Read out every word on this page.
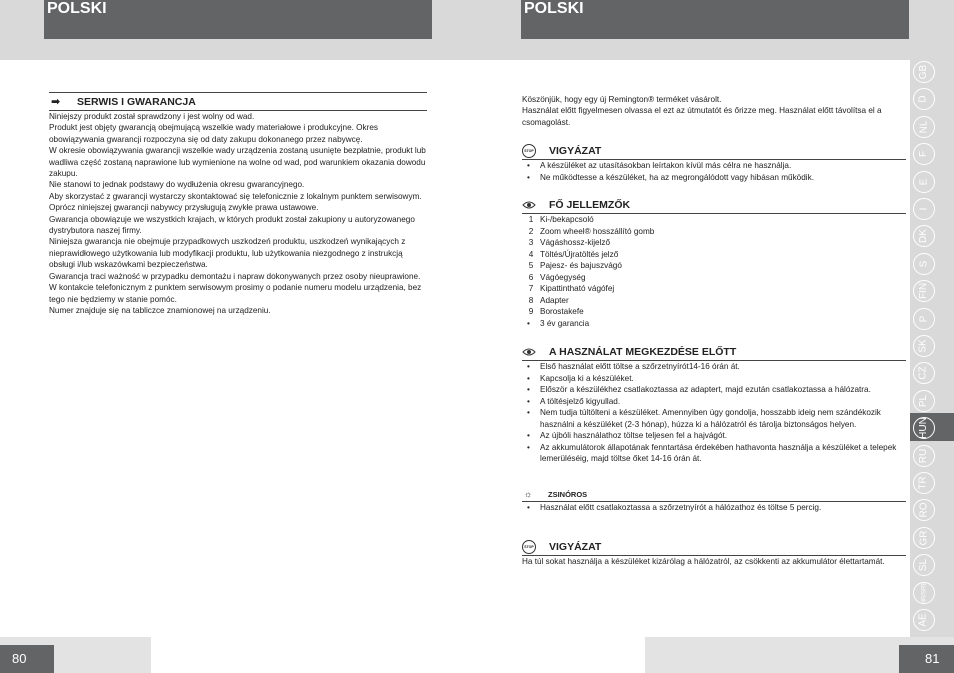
POLSKI	POLSKI
80	81
GB
D
NL
F
E
I
DK
S
FIN
P
SK
CZ
PL
HUN
RU
TR
RO
GR
SL
HR/SRB
AE
➡	SERWIS I GWARANCJA

Niniejszy produkt został sprawdzony i jest wolny od wad.

Produkt jest objęty gwarancją obejmującą wszelkie wady materiałowe i produkcyjne. Okres obowiązywania gwarancji rozpoczyna się od daty zakupu dokonanego przez nabywcę.

W okresie obowiązywania gwarancji wszelkie wady urządzenia zostaną usunięte bezpłatnie, produkt lub wadliwa część zostaną naprawione lub wymienione na wolne od wad, pod warunkiem okazania dowodu zakupu.

Nie stanowi to jednak podstawy do wydłużenia okresu gwarancyjnego.

Aby skorzystać z gwarancji wystarczy skontaktować się telefonicznie z lokalnym punktem serwisowym.

Oprócz niniejszej gwarancji nabywcy przysługują zwykłe prawa ustawowe.

Gwarancja obowiązuje we wszystkich krajach, w których produkt został zakupiony u autoryzowanego dystrybutora naszej firmy.

Niniejsza gwarancja nie obejmuje przypadkowych uszkodzeń produktu, uszkodzeń wynikających z nieprawidłowego użytkowania lub modyfikacji produktu, lub użytkowania niezgodnego z instrukcją obsługi i/lub wskazówkami bezpieczeństwa.

Gwarancja traci ważność w przypadku demontażu i napraw dokonywanych przez osoby nieuprawione.

W kontakcie telefonicznym z punktem serwisowym prosimy o podanie numeru modelu urządzenia, bez tego nie będziemy w stanie pomóc.

Numer znajduje się na tabliczce znamionowej na urządzeniu.

Köszönjük, hogy egy új Remington® terméket vásárolt.

Használat előtt figyelmesen olvassa el ezt az útmutatót és őrizze meg. Használat előtt távolítsa el a csomagolást.

STOP VIGYÁZAT
• A készüléket az utasításokban leírtakon kívül más célra ne használja.
• Ne működtesse a készüléket, ha az megrongálódott vagy hibásan működik.
FŐ JELLEMZŐK
1 Ki-/bekapcsoló
2 Zoom wheel® hosszállító gomb
3 Vágáshossz-kijelző
4 Töltés/Újratöltés jelző
5 Pajesz- és bajuszvágó
6 Vágóegység
7 Kipattintható vágófej
8 Adapter
9 Borostakefe
• 3 év garancia
A HASZNÁLAT MEGKEZDÉSE ELŐTT
• Első használat előtt töltse a szőrzetnyírót14-16 órán át.
• Kapcsolja ki a készüléket.
• Először a készülékhez csatlakoztassa az adaptert, majd ezután csatlakoztassa a hálózatra.
• A töltésjelző kigyullad.
• Nem tudja túltölteni a készüléket. Amennyiben úgy gondolja, hosszabb ideig nem szándékozik használni a készüléket (2-3 hónap), húzza ki a hálózatról és tárolja biztonságos helyen.
• Az újbóli használathoz töltse teljesen fel a hajvágót.
• Az akkumulátorok állapotának fenntartása érdekében hathavonta használja a készüléket a telepek lemerüléséig, majd töltse őket 14-16 órán át.
☼	ZSINÓROS
• Használat előtt csatlakoztassa a szőrzetnyírót a hálózathoz és töltse 5 percig.
STOP VIGYÁZAT

Ha túl sokat használja a készüléket kizárólag a hálózatról, az csökkenti az akkumulátor élettartamát.
